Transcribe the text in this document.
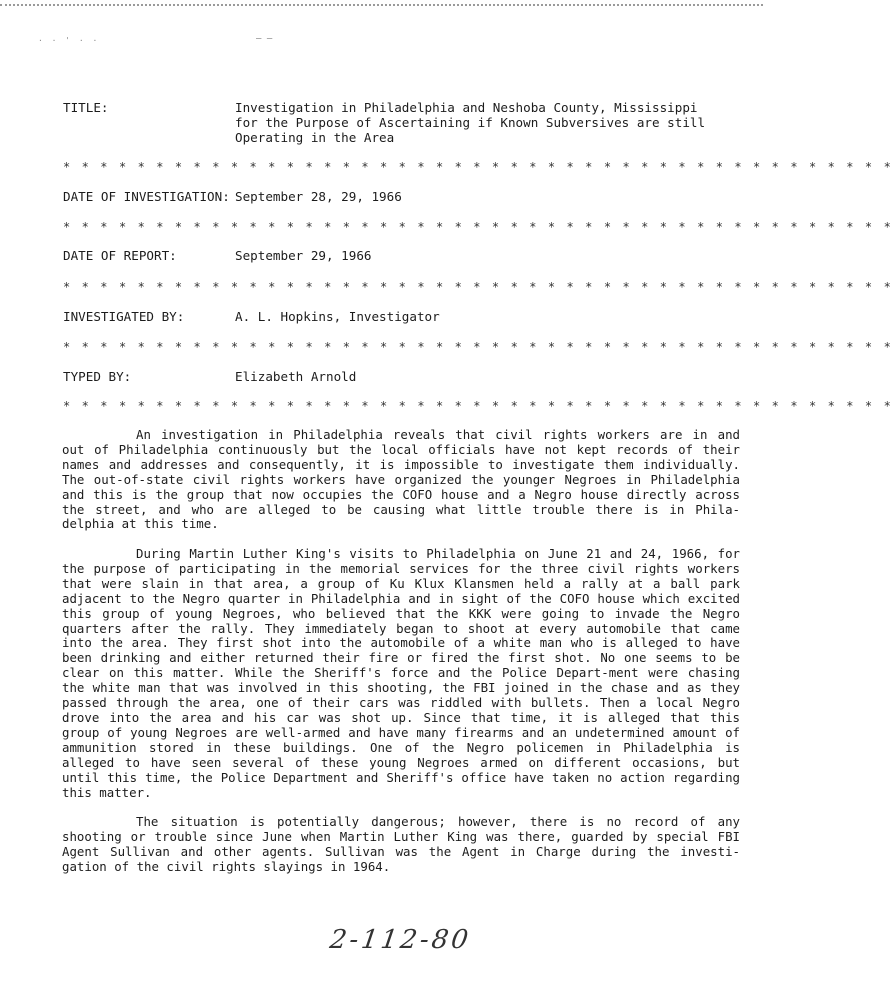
· · ' · ·	– –
TITLE:	Investigation in Philadelphia and Neshoba County, Mississippi
for the Purpose of Ascertaining if Known Subversives are still
Operating in the Area
* * * * * * * * * * * * * * * * * * * * * * * * * * * * * * * * * * * * * * * * * * * * *
DATE OF INVESTIGATION: September 28, 29, 1966
* * * * * * * * * * * * * * * * * * * * * * * * * * * * * * * * * * * * * * * * * * * * *
DATE OF REPORT:	September 29, 1966
* * * * * * * * * * * * * * * * * * * * * * * * * * * * * * * * * * * * * * * * * * * * *
INVESTIGATED BY:	A. L. Hopkins, Investigator
* * * * * * * * * * * * * * * * * * * * * * * * * * * * * * * * * * * * * * * * * * * * *
TYPED BY:	Elizabeth Arnold
* * * * * * * * * * * * * * * * * * * * * * * * * * * * * * * * * * * * * * * * * * * * *

An investigation in Philadelphia reveals that civil rights workers are in and out of Philadelphia continuously but the local officials have not kept records of their names and addresses and consequently, it is impossible to investigate them individually. The out-of-state civil rights workers have organized the younger Negroes in Philadelphia and this is the group that now occupies the COFO house and a Negro house directly across the street, and who are alleged to be causing what little trouble there is in Phila-delphia at this time.

During Martin Luther King's visits to Philadelphia on June 21 and 24, 1966, for the purpose of participating in the memorial services for the three civil rights workers that were slain in that area, a group of Ku Klux Klansmen held a rally at a ball park adjacent to the Negro quarter in Philadelphia and in sight of the COFO house which excited this group of young Negroes, who believed that the KKK were going to invade the Negro quarters after the rally. They immediately began to shoot at every automobile that came into the area. They first shot into the automobile of a white man who is alleged to have been drinking and either returned their fire or fired the first shot. No one seems to be clear on this matter. While the Sheriff's force and the Police Depart-ment were chasing the white man that was involved in this shooting, the FBI joined in the chase and as they passed through the area, one of their cars was riddled with bullets. Then a local Negro drove into the area and his car was shot up. Since that time, it is alleged that this group of young Negroes are well-armed and have many firearms and an undetermined amount of ammunition stored in these buildings. One of the Negro policemen in Philadelphia is alleged to have seen several of these young Negroes armed on different occasions, but until this time, the Police Department and Sheriff's office have taken no action regarding this matter.

The situation is potentially dangerous; however, there is no record of any shooting or trouble since June when Martin Luther King was there, guarded by special FBI Agent Sullivan and other agents. Sullivan was the Agent in Charge during the investi-gation of the civil rights slayings in 1964.

2-112-80
